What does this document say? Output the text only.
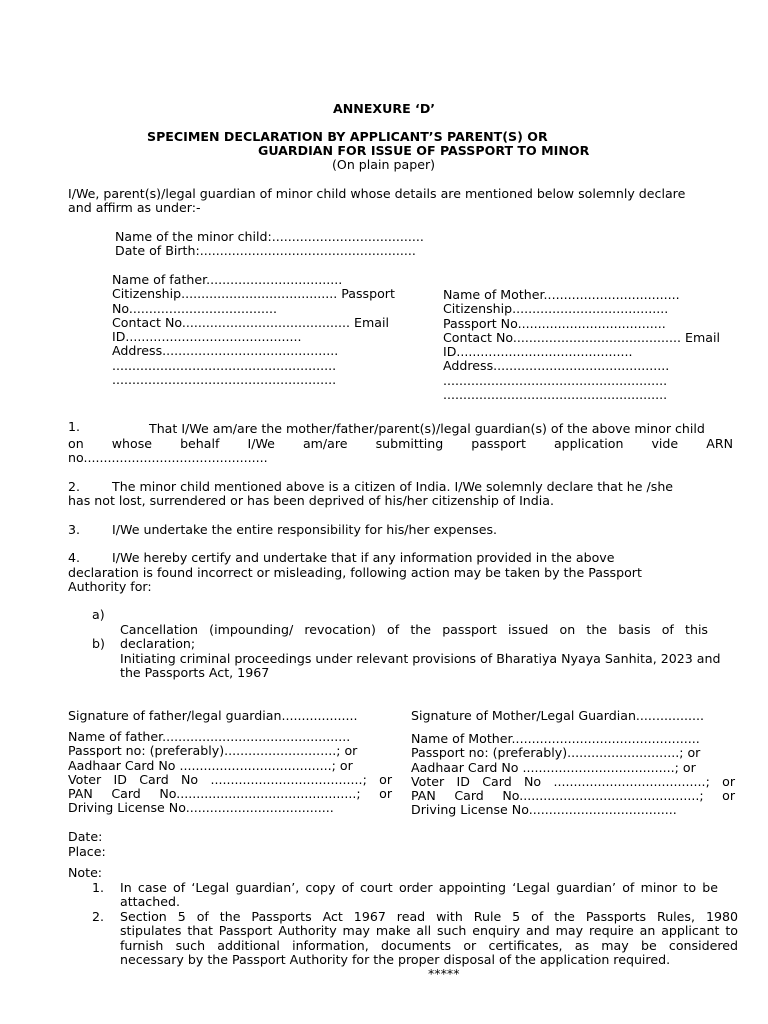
ANNEXURE ‘D’
SPECIMEN DECLARATION BY APPLICANT’S PARENT(S) OR
GUARDIAN FOR ISSUE OF PASSPORT TO MINOR
(On plain paper)
I/We, parent(s)/legal guardian of minor child whose details are mentioned below solemnly declare
and affirm as under:-
Name of the minor child:......................................
Date of Birth:......................................................
Name of father..................................
Citizenship....................................... Passport
No.....................................
Contact No.......................................... Email
ID............................................
Address............................................
........................................................
........................................................
Name of Mother..................................
Citizenship.......................................
Passport No.....................................
Contact No.......................................... Email
ID............................................
Address............................................
........................................................
........................................................
1.	That I/We am/are the mother/father/parent(s)/legal guardian(s) of the above minor child
on whose behalf I/We am/are submitting passport application vide ARN
no..............................................
2.        The minor child mentioned above is a citizen of India. I/We solemnly declare that he /she
has not lost, surrendered or has been deprived of his/her citizenship of India.
3.        I/We undertake the entire responsibility for his/her expenses.
4.        I/We hereby certify and undertake that if any information provided in the above
declaration is found incorrect or misleading, following action may be taken by the Passport
Authority for:
a)
b)
Cancellation (impounding/ revocation) of the passport issued on the basis of this
declaration;
Initiating criminal proceedings under relevant provisions of Bharatiya Nyaya Sanhita, 2023 and
the Passports Act, 1967
Signature of father/legal guardian...................	Signature of Mother/Legal Guardian.................
Name of father...............................................
Passport no: (preferably)............................; or
Aadhaar Card No ......................................; or
Voter ID Card No ......................................; or
PAN Card No.............................................; or
Driving License No.....................................
Name of Mother...............................................
Passport no: (preferably)............................; or
Aadhaar Card No ......................................; or
Voter ID Card No ......................................; or
PAN Card No.............................................; or
Driving License No.....................................
Date:
Place:
Note:
1. In case of ‘Legal guardian’, copy of court order appointing ‘Legal guardian’ of minor to be
attached.
2. Section 5 of the Passports Act 1967 read with Rule 5 of the Passports Rules, 1980
stipulates that Passport Authority may make all such enquiry and may require an applicant to
furnish such additional information, documents or certificates, as may be considered
necessary by the Passport Authority for the proper disposal of the application required.
*****
